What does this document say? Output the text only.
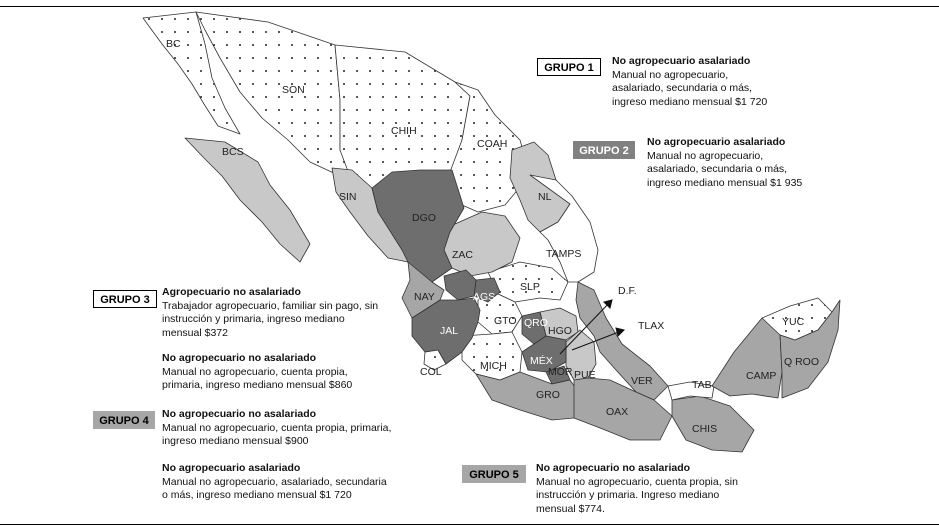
BC
SON
CHIH
COAH
BCS
NL
SIN
DGO
ZAC	TAMPS
SLP
NAY	AGS
JAL
GTO QRO
HGO
MÉX
MOR PUE
MICH
COL
VER
GRO
OAX
CHIS
TAB
CAMP
YUC
Q ROO
D.F.
TLAX
GRUPO 1
No agropecuario asalariado
Manual no agropecuario,
asalariado, secundaria o más,
ingreso mediano mensual $1 720
GRUPO 2
No agropecuario asalariado
Manual no agropecuario,
asalariado, secundaria o más,
ingreso mediano mensual $1 935
GRUPO 3
Agropecuario no asalariado
Trabajador agropecuario, familiar sin pago, sin
instrucción y primaria, ingreso mediano
mensual $372
No agropecuario no asalariado
Manual no agropecuario, cuenta propia,
primaria, ingreso mediano mensual $860
GRUPO 4
No agropecuario no asalariado
Manual no agropecuario, cuenta propia, primaria,
ingreso mediano mensual $900
No agropecuario asalariado
Manual no agropecuario, asalariado, secundaria
o más, ingreso mediano mensual $1 720
GRUPO 5
No agropecuario no asalariado
Manual no agropecuario, cuenta propia, sin
instrucción y primaria. Ingreso mediano
mensual $774.
